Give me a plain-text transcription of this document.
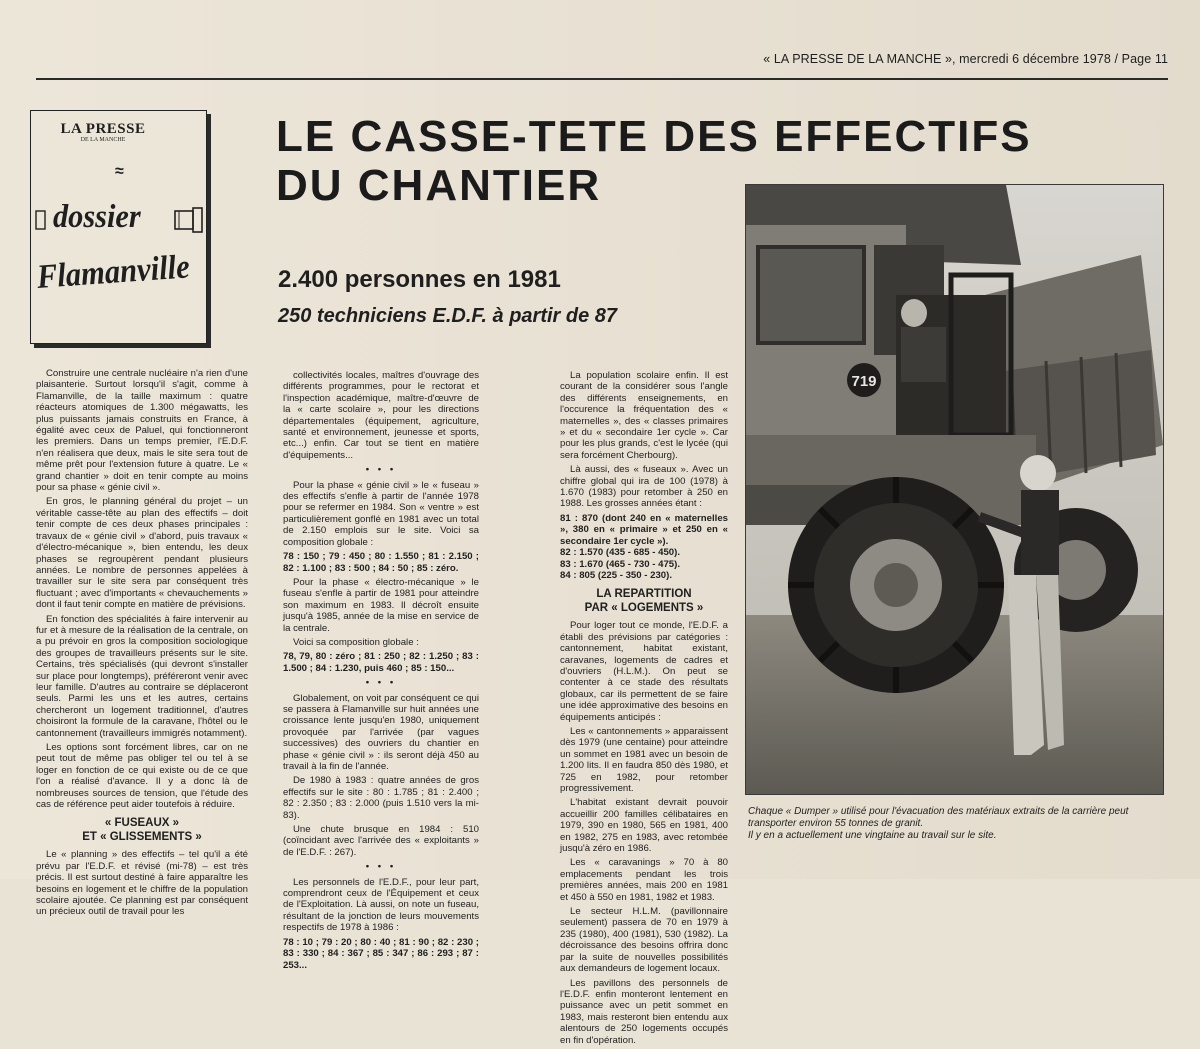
« LA PRESSE DE LA MANCHE », mercredi 6 décembre 1978 / Page 11
LA PRESSE
DE LA MANCHE
≈
dossier
Flamanville
LE CASSE-TETE DES EFFECTIFS
DU CHANTIER
2.400 personnes en 1981
250 techniciens E.D.F. à partir de 87

Construire une centrale nucléaire n'a rien d'une plaisanterie. Surtout lorsqu'il s'agit, comme à Flamanville, de la taille maximum : quatre réacteurs atomiques de 1.300 mégawatts, les plus puissants jamais construits en France, à égalité avec ceux de Paluel, qui fonctionneront les premiers. Dans un temps premier, l'E.D.F. n'en réalisera que deux, mais le site sera tout de même prêt pour l'extension future à quatre. Le « grand chantier » doit en tenir compte au moins pour sa phase « génie civil ».

En gros, le planning général du projet – un véritable casse-tête au plan des effectifs – doit tenir compte de ces deux phases principales : travaux de « génie civil » d'abord, puis travaux « d'électro-mécanique », bien entendu, les deux phases se regroupèrent pendant plusieurs années. Le nombre de personnes appelées à travailler sur le site sera par conséquent très fluctuant ; avec d'importants « chevauchements » dont il faut tenir compte en matière de prévisions.

En fonction des spécialités à faire intervenir au fur et à mesure de la réalisation de la centrale, on a pu prévoir en gros la composition sociologique des groupes de travailleurs présents sur le site. Certains, très spécialisés (qui devront s'installer sur place pour longtemps), préféreront venir avec leur famille. D'autres au contraire se déplaceront seuls. Parmi les uns et les autres, certains chercheront un logement traditionnel, d'autres choisiront la formule de la caravane, l'hôtel ou le cantonnement (travailleurs immigrés notamment).

Les options sont forcément libres, car on ne peut tout de même pas obliger tel ou tel à se loger en fonction de ce qui existe ou de ce que l'on a réalisé d'avance. Il y a donc là de nombreuses sources de tension, que l'étude des cas de référence peut aider toutefois à réduire.

« FUSEAUX »
ET « GLISSEMENTS »

Le « planning » des effectifs – tel qu'il a été prévu par l'E.D.F. et révisé (mi-78) – est très précis. Il est surtout destiné à faire apparaître les besoins en logement et le chiffre de la population scolaire ajoutée. Ce planning est par conséquent un précieux outil de travail pour les

collectivités locales, maîtres d'ouvrage des différents programmes, pour le rectorat et l'inspection académique, maître-d'œuvre de la « carte scolaire », pour les directions départementales (équipement, agriculture, santé et environnement, jeunesse et sports, etc...) enfin. Car tout se tient en matière d'équipements...

• • •

Pour la phase « génie civil » le « fuseau » des effectifs s'enfle à partir de l'année 1978 pour se refermer en 1984. Son « ventre » est particulièrement gonflé en 1981 avec un total de 2.150 emplois sur le site. Voici sa composition globale :

78 : 150 ; 79 : 450 ; 80 : 1.550 ; 81 : 2.150 ; 82 : 1.100 ; 83 : 500 ; 84 : 50 ; 85 : zéro.

Pour la phase « électro-mécanique » le fuseau s'enfle à partir de 1981 pour atteindre son maximum en 1983. Il décroît ensuite jusqu'à 1985, année de la mise en service de la centrale.

Voici sa composition globale :

78, 79, 80 : zéro ; 81 : 250 ; 82 : 1.250 ; 83 : 1.500 ; 84 : 1.230, puis 460 ; 85 : 150...

• • •

Globalement, on voit par conséquent ce qui se passera à Flamanville sur huit années une croissance lente jusqu'en 1980, uniquement provoquée par l'arrivée (par vagues successives) des ouvriers du chantier en phase « génie civil » : ils seront déjà 450 au travail à la fin de l'année.

De 1980 à 1983 : quatre années de gros effectifs sur le site : 80 : 1.785 ; 81 : 2.400 ; 82 : 2.350 ; 83 : 2.000 (puis 1.510 vers la mi-83).

Une chute brusque en 1984 : 510 (coïncidant avec l'arrivée des « exploitants » de l'E.D.F. : 267).

• • •

Les personnels de l'E.D.F., pour leur part, comprendront ceux de l'Équipement et ceux de l'Exploitation. Là aussi, on note un fuseau, résultant de la jonction de leurs mouvements respectifs de 1978 à 1986 :

78 : 10 ; 79 : 20 ; 80 : 40 ; 81 : 90 ; 82 : 230 ; 83 : 330 ; 84 : 367 ; 85 : 347 ; 86 : 293 ; 87 : 253...

La population scolaire enfin. Il est courant de la considérer sous l'angle des différents enseignements, en l'occurence la fréquentation des « maternelles », des « classes primaires » et du « secondaire 1er cycle ». Car pour les plus grands, c'est le lycée (qui sera forcément Cherbourg).

Là aussi, des « fuseaux ». Avec un chiffre global qui ira de 100 (1978) à 1.670 (1983) pour retomber à 250 en 1988. Les grosses années étant :

81 : 870 (dont 240 en « maternelles », 380 en « primaire » et 250 en « secondaire 1er cycle »).

82 : 1.570 (435 - 685 - 450).

83 : 1.670 (465 - 730 - 475).

84 : 805 (225 - 350 - 230).

LA REPARTITION
PAR « LOGEMENTS »

Pour loger tout ce monde, l'E.D.F. a établi des prévisions par catégories : cantonnement, habitat existant, caravanes, logements de cadres et d'ouvriers (H.L.M.). On peut se contenter à ce stade des résultats globaux, car ils permettent de se faire une idée approximative des besoins en équipements anticipés :

Les « cantonnements » apparaissent dès 1979 (une centaine) pour atteindre un sommet en 1981 avec un besoin de 1.200 lits. Il en faudra 850 dès 1980, et 725 en 1982, pour retomber progressivement.

L'habitat existant devrait pouvoir accueillir 200 familles célibataires en 1979, 390 en 1980, 565 en 1981, 400 en 1982, 275 en 1983, avec retombée jusqu'à zéro en 1986.

Les « caravanings » 70 à 80 emplacements pendant les trois premières années, mais 200 en 1981 et 450 à 550 en 1981, 1982 et 1983.

Le secteur H.L.M. (pavillonnaire seulement) passera de 70 en 1979 à 235 (1980), 400 (1981), 530 (1982). La décroissance des besoins offrira donc par la suite de nouvelles possibilités aux demandeurs de logement locaux.

Les pavillons des personnels de l'E.D.F. enfin monteront lentement en puissance avec un petit sommet en 1983, mais resteront bien entendu aux alentours de 250 logements occupés en fin d'opération.

719
Chaque « Dumper » utilisé pour l'évacuation des matériaux extraits de la carrière peut transporter environ 55 tonnes de granit.
Il y en a actuellement une vingtaine au travail sur le site.
